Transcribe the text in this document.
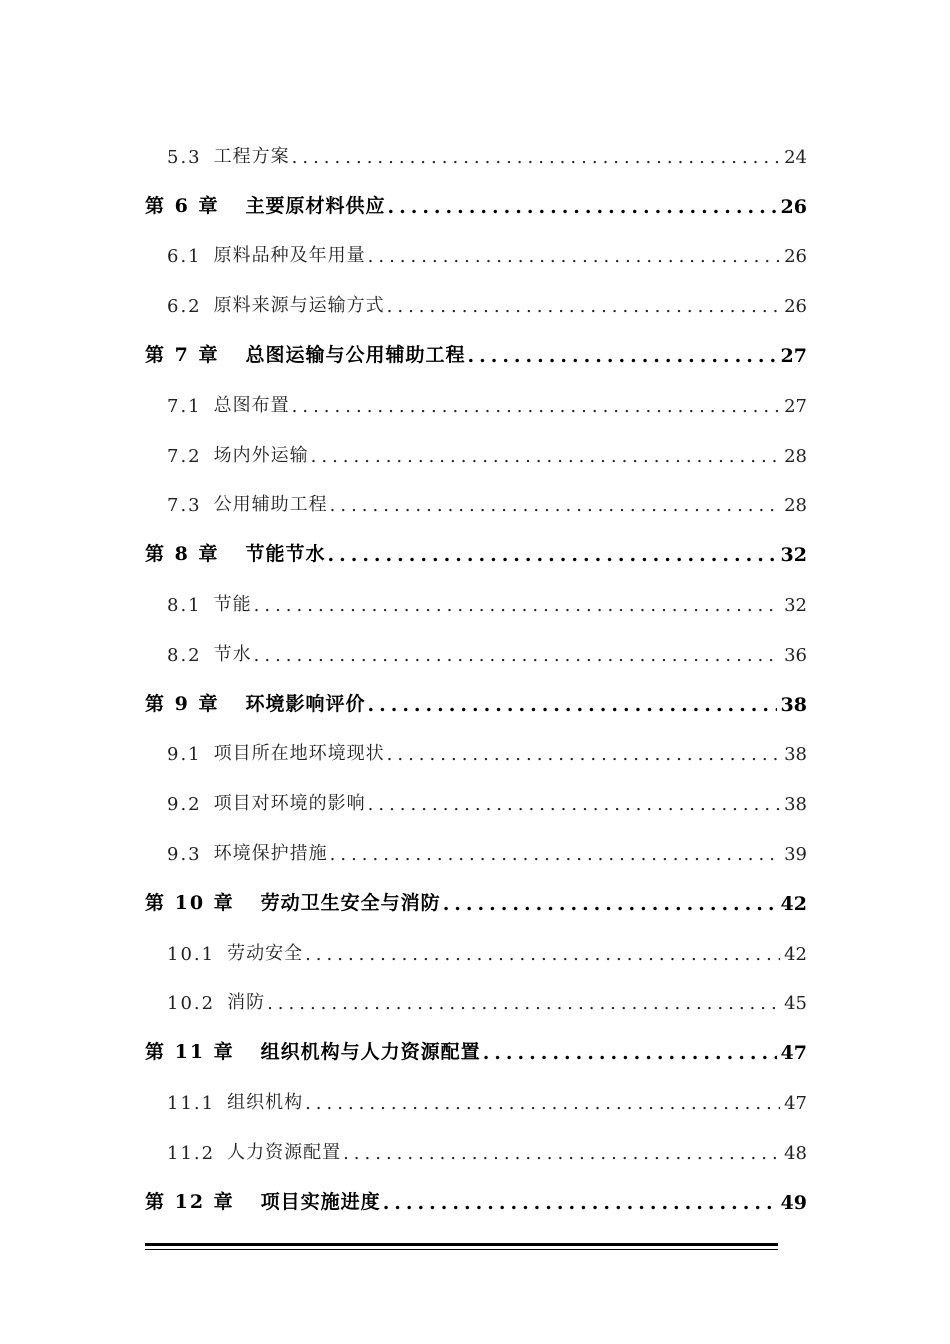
5.3 工程方案 .....	24
第 6 章 主要原材料供应 .....	26
6.1 原料品种及年用量 .....	26
6.2 原料来源与运输方式 .....	26
第 7 章 总图运输与公用辅助工程 .....	27
7.1 总图布置 .....	27
7.2 场内外运输 .....	28
7.3 公用辅助工程 .....	28
第 8 章 节能节水 .....	32
8.1 节能 .....	32
8.2 节水 .....	36
第 9 章 环境影响评价 .....	38
9.1 项目所在地环境现状 .....	38
9.2 项目对环境的影响 .....	38
9.3 环境保护措施 .....	39
第 10 章 劳动卫生安全与消防 .....	42
10.1 劳动安全 .....	42
10.2 消防 .....	45
第 11 章 组织机构与人力资源配置 .....	47
11.1 组织机构 .....	47
11.2 人力资源配置 .....	48
第 12 章 项目实施进度 .....	49
